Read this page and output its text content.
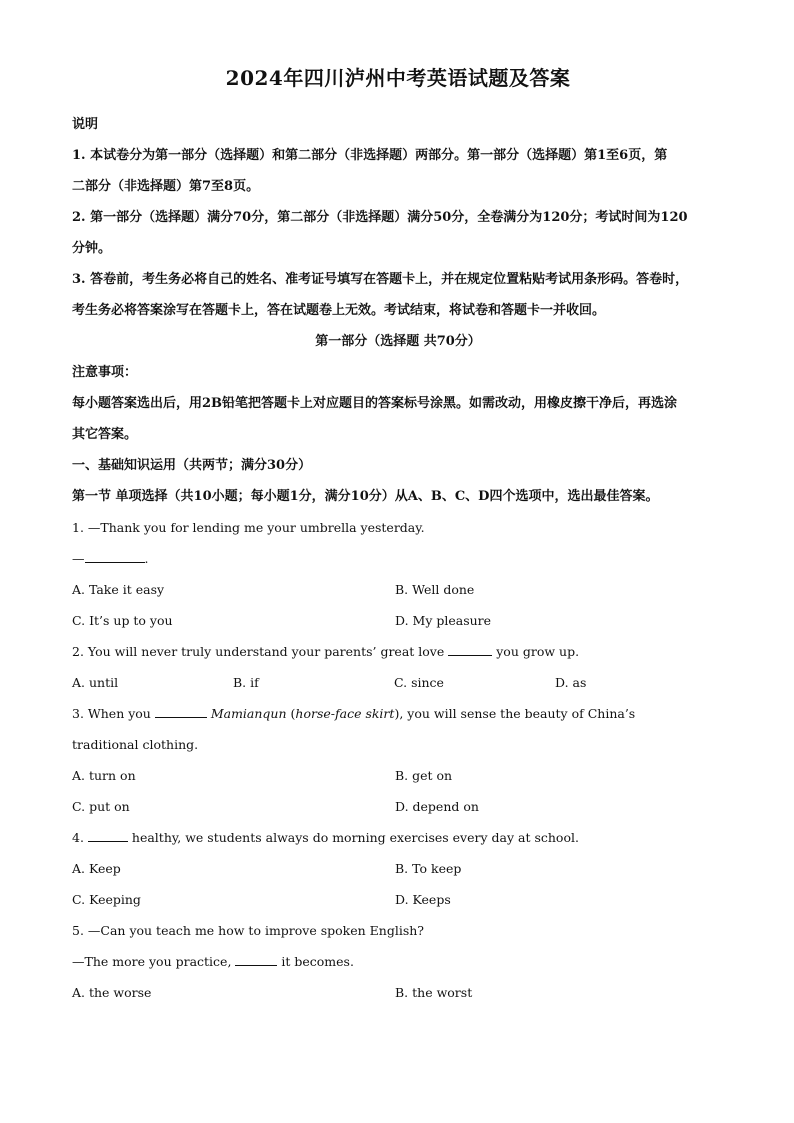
2024年四川泸州中考英语试题及答案
说明
1. 本试卷分为第一部分（选择题）和第二部分（非选择题）两部分。第一部分（选择题）第1至6页，第
二部分（非选择题）第7至8页。
2. 第一部分（选择题）满分70分，第二部分（非选择题）满分50分，全卷满分为120分；考试时间为120
分钟。
3. 答卷前，考生务必将自己的姓名、准考证号填写在答题卡上，并在规定位置粘贴考试用条形码。答卷时，
考生务必将答案涂写在答题卡上，答在试题卷上无效。考试结束，将试卷和答题卡一并收回。
第一部分（选择题 共70分）
注意事项：
每小题答案选出后，用2B铅笔把答题卡上对应题目的答案标号涂黑。如需改动，用橡皮擦干净后，再选涂
其它答案。
一、基础知识运用（共两节；满分30分）
第一节 单项选择（共10小题；每小题1分，满分10分）从A、B、C、D四个选项中，选出最佳答案。
1. —Thank you for lending me your umbrella yesterday.
—	.
A. Take it easy	B. Well done
C. It’s up to you	D. My pleasure
2. You will never truly understand your parents’ great love	you grow up.
A. until	B. if	C. since	D. as
3. When you	Mamianqun (horse-face skirt), you will sense the beauty of China’s
traditional clothing.
A. turn on	B. get on
C. put on	D. depend on
4.	healthy, we students always do morning exercises every day at school.
A. Keep	B. To keep
C. Keeping	D. Keeps
5. —Can you teach me how to improve spoken English?
—The more you practice,	it becomes.
A. the worse	B. the worst
